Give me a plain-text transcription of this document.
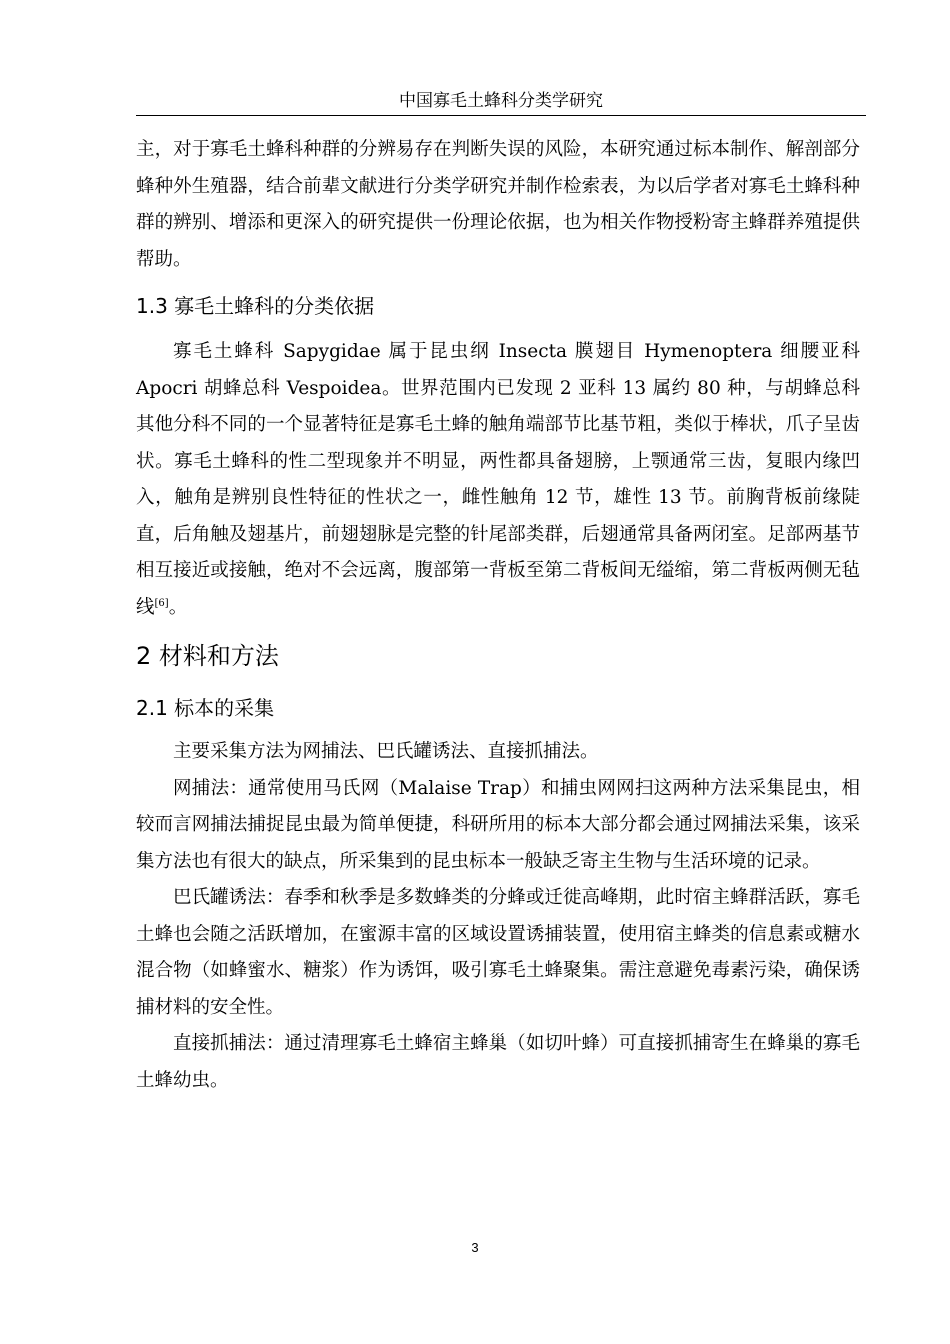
中国寡毛土蜂科分类学研究

主，对于寡毛土蜂科种群的分辨易存在判断失误的风险，本研究通过标本制作、解剖部分蜂种外生殖器，结合前辈文献进行分类学研究并制作检索表，为以后学者对寡毛土蜂科种群的辨别、增添和更深入的研究提供一份理论依据，也为相关作物授粉寄主蜂群养殖提供帮助。

1.3 寡毛土蜂科的分类依据

寡毛土蜂科 Sapygidae 属于昆虫纲 Insecta 膜翅目 Hymenoptera 细腰亚科 Apocri 胡蜂总科 Vespoidea。世界范围内已发现 2 亚科 13 属约 80 种，与胡蜂总科其他分科不同的一个显著特征是寡毛土蜂的触角端部节比基节粗，类似于棒状，爪子呈齿状。寡毛土蜂科的性二型现象并不明显，两性都具备翅膀，上颚通常三齿，复眼内缘凹入，触角是辨别良性特征的性状之一，雌性触角 12 节，雄性 13 节。前胸背板前缘陡直，后角触及翅基片，前翅翅脉是完整的针尾部类群，后翅通常具备两闭室。足部两基节相互接近或接触，绝对不会远离，腹部第一背板至第二背板间无缢缩，第二背板两侧无毡线[6]。

2 材料和方法
2.1 标本的采集

主要采集方法为网捕法、巴氏罐诱法、直接抓捕法。

网捕法：通常使用马氏网（Malaise Trap）和捕虫网网扫这两种方法采集昆虫，相较而言网捕法捕捉昆虫最为简单便捷，科研所用的标本大部分都会通过网捕法采集，该采集方法也有很大的缺点，所采集到的昆虫标本一般缺乏寄主生物与生活环境的记录。

巴氏罐诱法：春季和秋季是多数蜂类的分蜂或迁徙高峰期，此时宿主蜂群活跃，寡毛土蜂也会随之活跃增加，在蜜源丰富的区域设置诱捕装置，使用宿主蜂类的信息素或糖水混合物（如蜂蜜水、糖浆）作为诱饵，吸引寡毛土蜂聚集。需注意避免毒素污染，确保诱捕材料的安全性。

直接抓捕法：通过清理寡毛土蜂宿主蜂巢（如切叶蜂）可直接抓捕寄生在蜂巢的寡毛土蜂幼虫。

3
